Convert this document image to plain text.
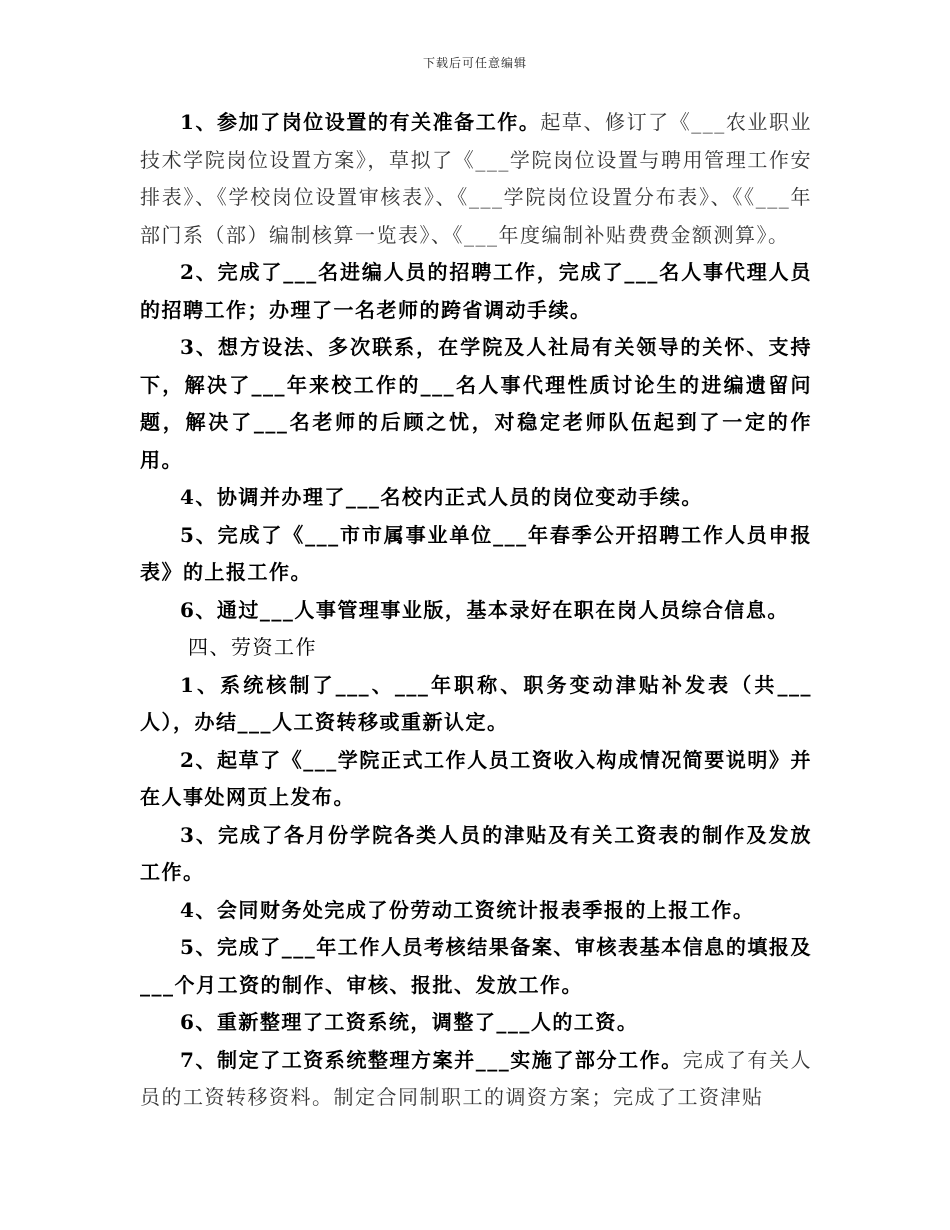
下载后可任意编辑

1、参加了岗位设置的有关准备工作。起草、修订了《___农业职业技术学院岗位设置方案》，草拟了《___学院岗位设置与聘用管理工作安排表》、《学校岗位设置审核表》、《___学院岗位设置分布表》、《《___年部门系（部）编制核算一览表》、《___年度编制补贴费费金额测算》。

2、完成了___名进编人员的招聘工作，完成了___名人事代理人员的招聘工作；办理了一名老师的跨省调动手续。

3、想方设法、多次联系，在学院及人社局有关领导的关怀、支持下，解决了___年来校工作的___名人事代理性质讨论生的进编遗留问题，解决了___名老师的后顾之忧，对稳定老师队伍起到了一定的作用。

4、协调并办理了___名校内正式人员的岗位变动手续。

5、完成了《___市市属事业单位___年春季公开招聘工作人员申报表》的上报工作。

6、通过___人事管理事业版，基本录好在职在岗人员综合信息。

四、劳资工作

1、系统核制了___、___年职称、职务变动津贴补发表（共___人），办结___人工资转移或重新认定。

2、起草了《___学院正式工作人员工资收入构成情况简要说明》并在人事处网页上发布。

3、完成了各月份学院各类人员的津贴及有关工资表的制作及发放工作。

4、会同财务处完成了份劳动工资统计报表季报的上报工作。

5、完成了___年工作人员考核结果备案、审核表基本信息的填报及___个月工资的制作、审核、报批、发放工作。

6、重新整理了工资系统，调整了___人的工资。

7、制定了工资系统整理方案并___实施了部分工作。完成了有关人员的工资转移资料。制定合同制职工的调资方案；完成了工资津贴
